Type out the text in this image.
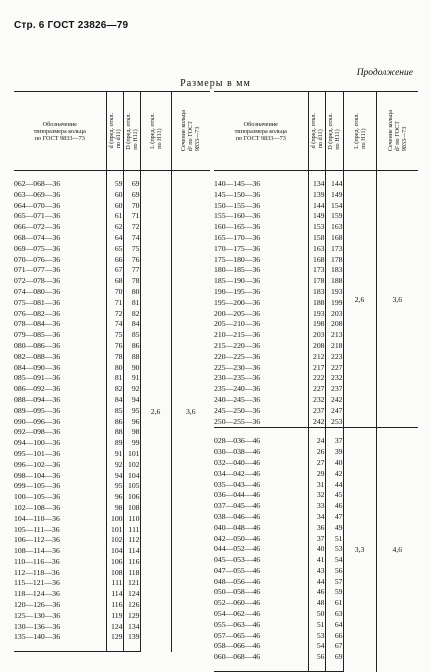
Стр. 6 ГОСТ 23826—79
Продолжение
Размеры в мм
Обозначение
типоразмера кольца
по ГОСТ 9833—73	d (пред. откл. по d11)	D (пред. откл. по H11)	L (пред. откл. по H11)	Сечение кольца d² по ГОСТ 9833—73

			2,6	3,6
062—068—36	59	69		
063—069—36	60	69		
064—070—36	60	70		
065—071—36	61	71		
066—072—36	62	72		
068—074—36	64	74		
069—075—36	65	75		
070—076—36	66	76		
071—077—36	67	77		
072—078—36	68	78		
074—080—36	70	80		
075—081—36	71	81		
076—082—36	72	82		
078—084—36	74	84		
079—085—36	75	85		
080—086—36	76	86		
082—088—36	78	88		
084—090—36	80	90		
085—091—36	81	91		
086—092—36	82	92		
088—094—36	84	94		
089—095—36	85	95		
090—096—36	86	96		
092—098—36	88	98		
094—100—36	89	99		
095—101—36	91	101		
096—102—36	92	102		
098—104—36	94	104		
099—105—36	95	105		
100—105—36	96	106		
102—108—36	98	108		
104—110—36	100	110		
105—111—36	101	111		
106—112—36	102	112		
108—114—36	104	114		
110—116—36	106	116		
112—118—36	108	118		
115—121—36	111	121		
118—124—36	114	124		
120—126—36	116	126		
125—130—36	119	129		
130—136—36	124	134		
135—140—36	129	139		

Обозначение
типоразмера кольца
по ГОСТ 9833—73	d (пред. откл. по d11)	D (пред. откл. по H11)	L (пред. откл. по H11)	Сечение кольца d² по ГОСТ 9833—73

			2,6	3,6
140—145—36	134	144		
145—150—36	139	149		
150—155—36	144	154		
155—160—36	149	159		
160—165—36	153	163		
165—170—36	158	168		
170—175—36	163	173		
175—180—36	168	178		
180—185—36	173	183		
185—190—36	178	188		
190—195—36	183	193		
195—200—36	188	199		
200—205—36	193	203		
205—210—36	198	208		
210—215—36	203	213		
215—220—36	208	218		
220—225—36	212	223		
225—230—36	217	227		
230—235—36	222	232		
235—240—36	227	237		
240—245—36	232	242		
245—250—36	237	247		
250—255—36	242	253		
			3,3	4,6
028—036—46	24	37		
030—038—46	26	39		
032—040—46	27	40		
034—042—46	29	42		
035—043—46	31	44		
036—044—46	32	45		
037—045—46	33	46		
038—046—46	34	47		
040—048—46	36	49		
042—050—46	37	51		
044—052—46	40	53		
045—053—46	41	54		
047—055—46	43	56		
048—056—46	44	57		
050—058—46	46	59		
052—060—46	48	61		
054—062—46	50	63		
055—063—46	51	64		
057—065—46	53	66		
058—066—46	54	67		
060—068—46	56	69		
